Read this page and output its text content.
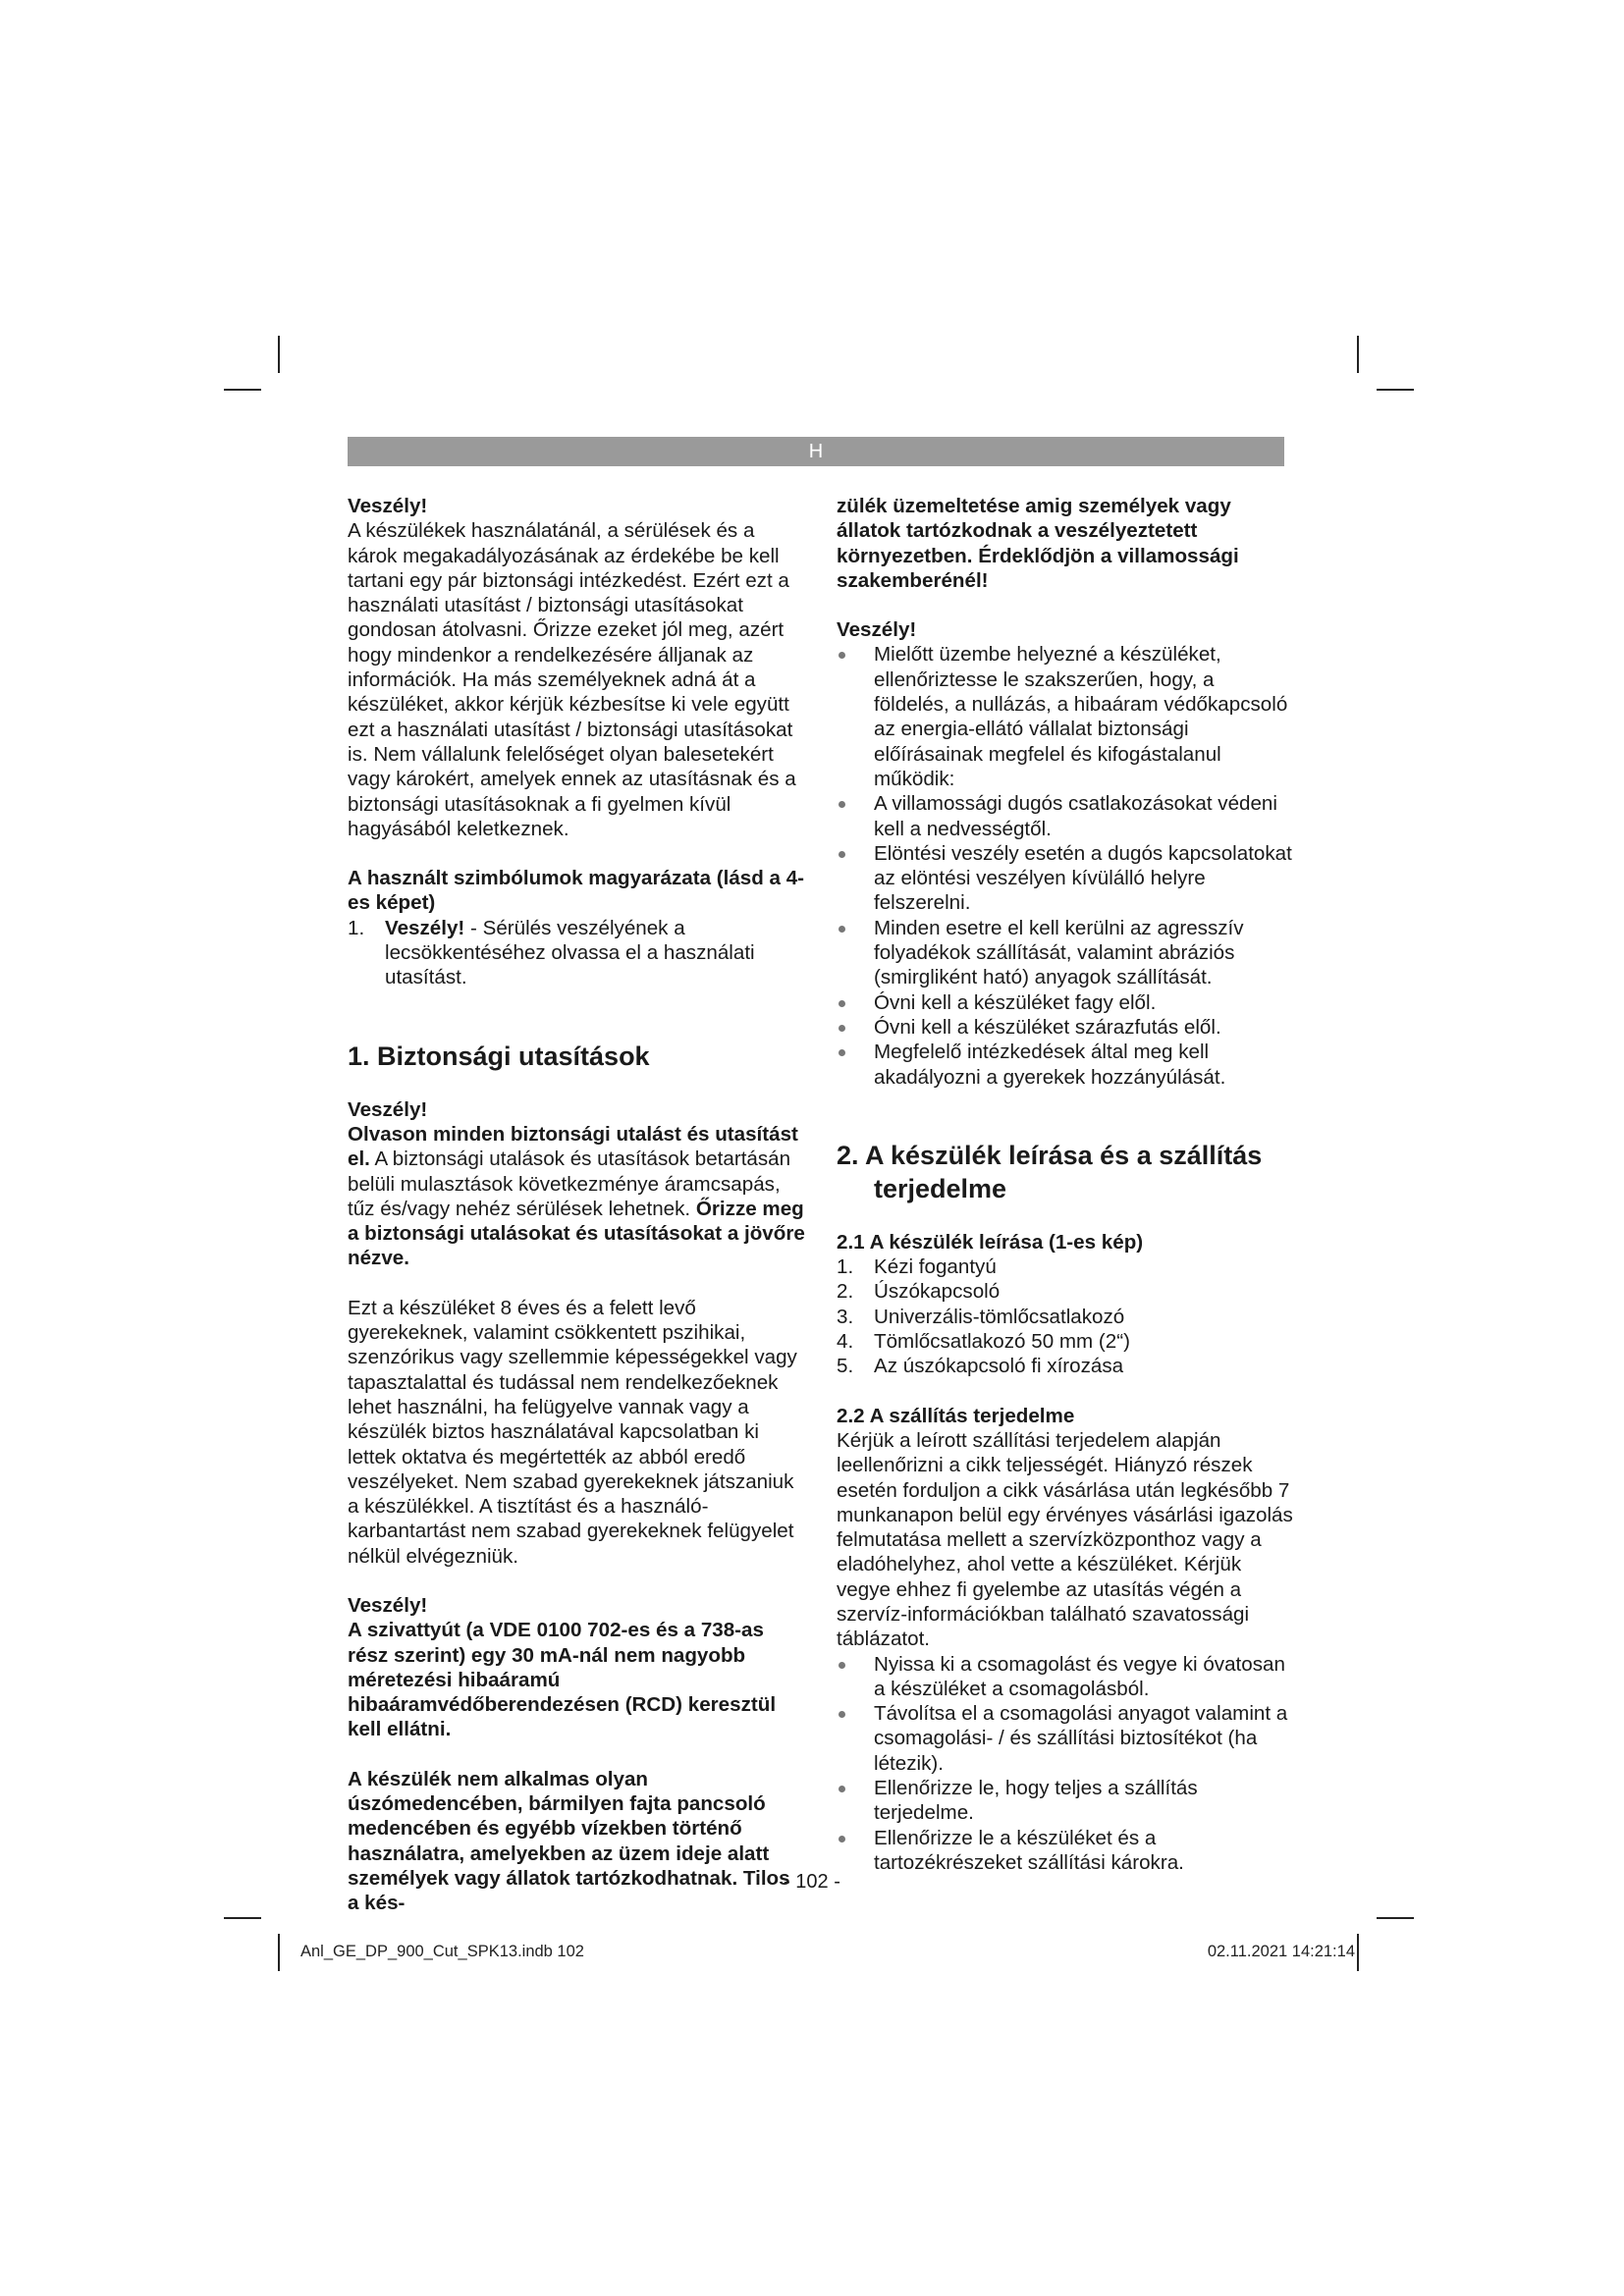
H

Veszély!

A készülékek használatánál, a sérülések és a károk megakadályozásának az érdekébe be kell tartani egy pár biztonsági intézkedést. Ezért ezt a használati utasítást / biztonsági utasításokat gondosan átolvasni. Őrizze ezeket jól meg, azért hogy mindenkor a rendelkezésére álljanak az információk. Ha más személyeknek adná át a készüléket, akkor kérjük kézbesítse ki vele együtt ezt a használati utasítást / biztonsági utasításokat is. Nem vállalunk felelőséget olyan balesetekért vagy károkért, amelyek ennek az utasításnak és a biztonsági utasításoknak a fi gyelmen kívül hagyásából keletkeznek.

A használt szimbólumok magyarázata (lásd a 4-es képet)

1. Veszély! - Sérülés veszélyének a lecsökkentéséhez olvassa el a használati utasítást.

1. Biztonsági utasítások

Veszély!

Olvason minden biztonsági utalást és utasítást el. A biztonsági utalások és utasítások betartásán belüli mulasztások következménye áramcsapás, tűz és/vagy nehéz sérülések lehetnek. Őrizze meg a biztonsági utalásokat és utasításokat a jövőre nézve.

Ezt a készüléket 8 éves és a felett levő gyerekeknek, valamint csökkentett pszihikai, szenzórikus vagy szellemmie képességekkel vagy tapasztalattal és tudással nem rendelkezőeknek lehet használni, ha felügyelve vannak vagy a készülék biztos használatával kapcsolatban ki lettek oktatva és megértették az abból eredő veszélyeket. Nem szabad gyerekeknek játszaniuk a készülékkel. A tisztítást és a használó-karbantartást nem szabad gyerekeknek felügyelet nélkül elvégezniük.

Veszély!

A szivattyút (a VDE 0100 702-es és a 738-as rész szerint) egy 30 mA-nál nem nagyobb méretezési hibaáramú hibaáramvédőberendezésen (RCD) keresztül kell ellátni.

A készülék nem alkalmas olyan úszómedencében, bármilyen fajta pancsoló medencében és egyébb vízekben történő használatra, amelyekben az üzem ideje alatt személyek vagy állatok tartózkodhatnak. Tilos a kés-

zülék üzemeltetése amig személyek vagy állatok tartózkodnak a veszélyeztetett környezetben. Érdeklődjön a villamossági szakemberénél!

Veszély!

Mielőtt üzembe helyezné a készüléket, ellenőriztesse le szakszerűen, hogy, a földelés, a nullázás, a hibaáram védőkapcsoló az energia-ellátó vállalat biztonsági előírásainak megfelel és kifogástalanul működik:
A villamossági dugós csatlakozásokat védeni kell a nedvességtől.
Elöntési veszély esetén a dugós kapcsolatokat az elöntési veszélyen kívülálló helyre felszerelni.
Minden esetre el kell kerülni az agresszív folyadékok szállítását, valamint abráziós (smirgliként ható) anyagok szállítását.
Óvni kell a készüléket fagy elől.
Óvni kell a készüléket szárazfutás elől.
Megfelelő intézkedések által meg kell akadályozni a gyerekek hozzányúlását.

2. A készülék leírása és a szállítás terjedelme

2.1 A készülék leírása (1-es kép)

1. Kézi fogantyú
2. Úszókapcsoló
3. Univerzális-tömlőcsatlakozó
4. Tömlőcsatlakozó 50 mm (2“)
5. Az úszókapcsoló fi xírozása

2.2 A szállítás terjedelme

Kérjük a leírott szállítási terjedelem alapján leellenőrizni a cikk teljességét. Hiányzó részek esetén forduljon a cikk vásárlása után legkésőbb 7 munkanapon belül egy érvényes vásárlási igazolás felmutatása mellett a szervízközponthoz vagy a eladóhelyhez, ahol vette a készüléket. Kérjük vegye ehhez fi gyelembe az utasítás végén a szervíz-információkban található szavatossági táblázatot.

Nyissa ki a csomagolást és vegye ki óvatosan a készüléket a csomagolásból.
Távolítsa el a csomagolási anyagot valamint a csomagolási- / és szállítási biztosítékot (ha létezik).
Ellenőrizze le, hogy teljes a szállítás terjedelme.
Ellenőrizze le a készüléket és a tartozékrészeket szállítási károkra.
- 102 -
Anl_GE_DP_900_Cut_SPK13.indb 102	02.11.2021 14:21:14
